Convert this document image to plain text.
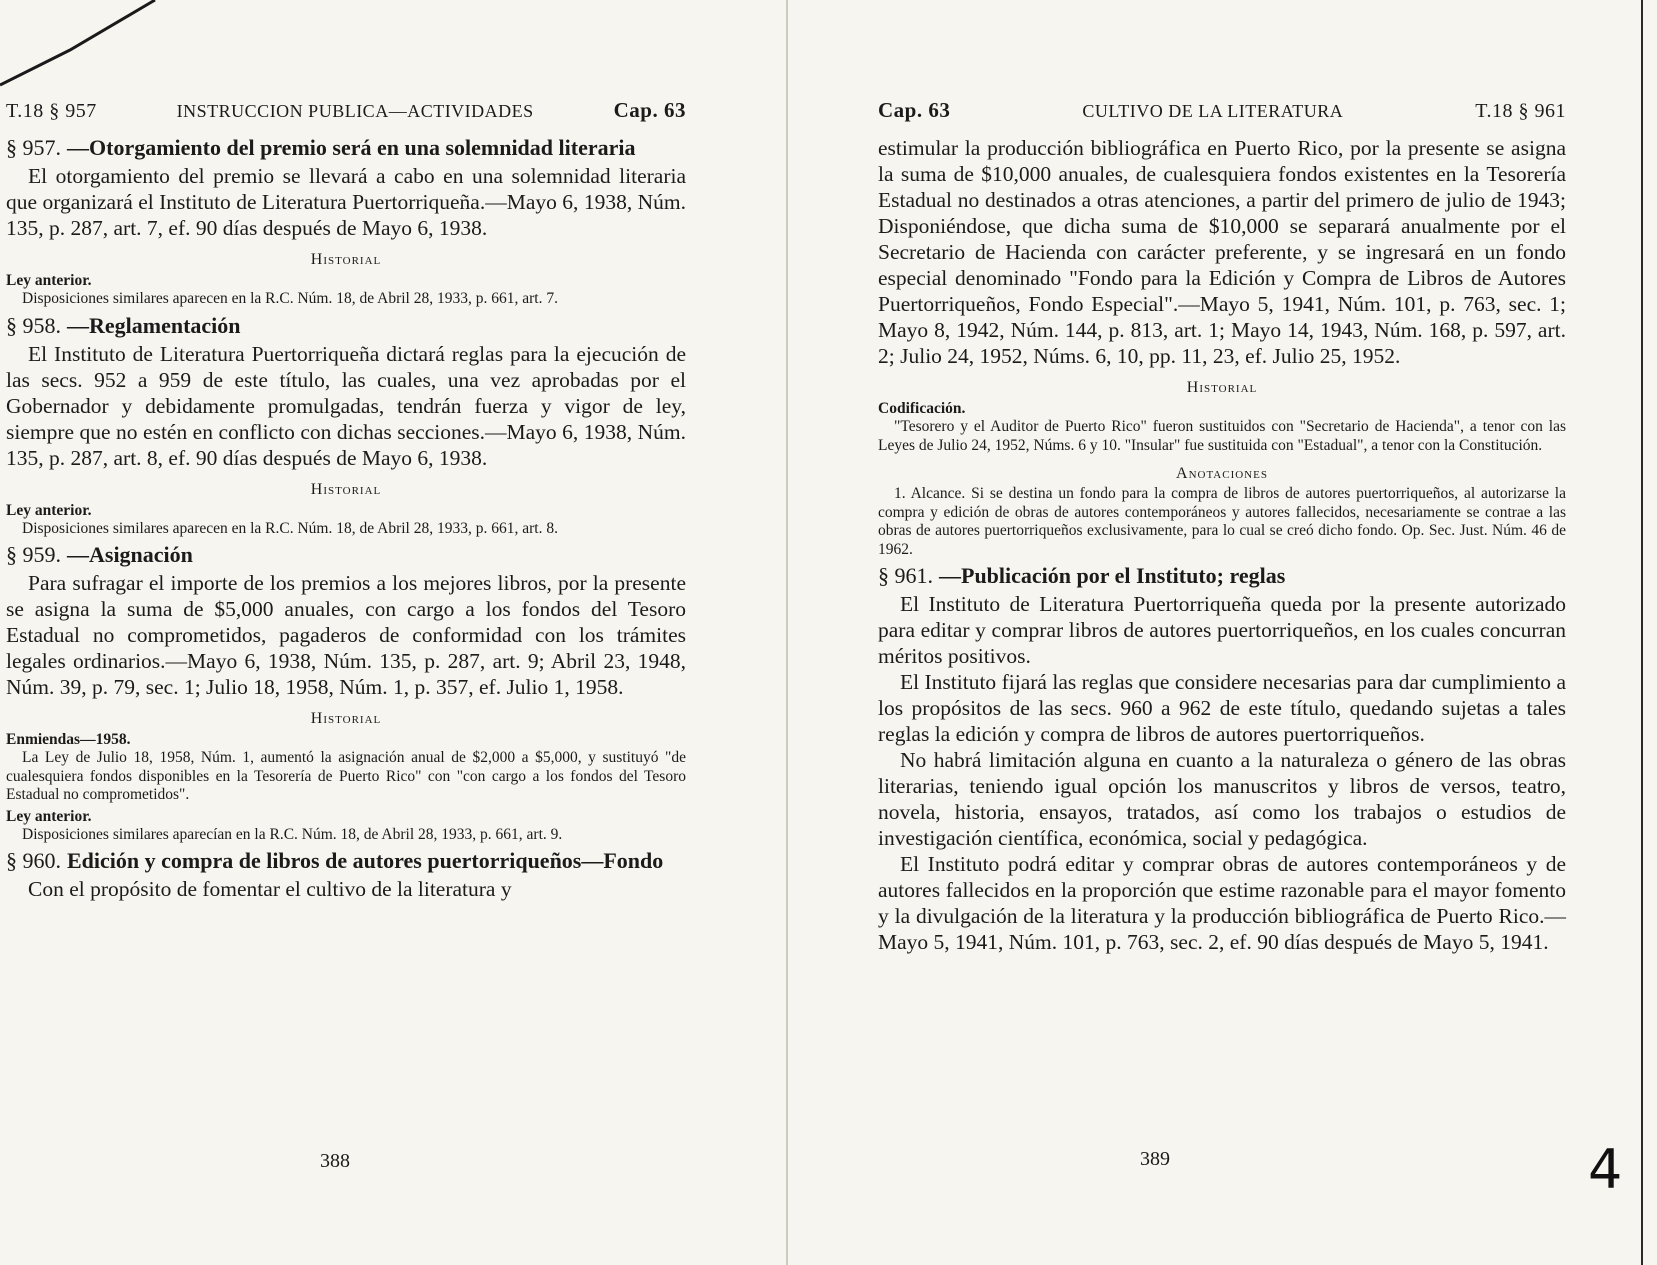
T.18 § 957	INSTRUCCION PUBLICA—ACTIVIDADES	Cap. 63
§ 957. —Otorgamiento del premio será en una solemnidad literaria

El otorgamiento del premio se llevará a cabo en una solemnidad literaria que organizará el Instituto de Literatura Puertorriqueña.—Mayo 6, 1938, Núm. 135, p. 287, art. 7, ef. 90 días después de Mayo 6, 1938.

Historial

Ley anterior.

Disposiciones similares aparecen en la R.C. Núm. 18, de Abril 28, 1933, p. 661, art. 7.

§ 958. —Reglamentación

El Instituto de Literatura Puertorriqueña dictará reglas para la ejecución de las secs. 952 a 959 de este título, las cuales, una vez aprobadas por el Gobernador y debidamente promulgadas, tendrán fuerza y vigor de ley, siempre que no estén en conflicto con dichas secciones.—Mayo 6, 1938, Núm. 135, p. 287, art. 8, ef. 90 días después de Mayo 6, 1938.

Historial

Ley anterior.

Disposiciones similares aparecen en la R.C. Núm. 18, de Abril 28, 1933, p. 661, art. 8.

§ 959. —Asignación

Para sufragar el importe de los premios a los mejores libros, por la presente se asigna la suma de $5,000 anuales, con cargo a los fondos del Tesoro Estadual no comprometidos, pagaderos de conformidad con los trámites legales ordinarios.—Mayo 6, 1938, Núm. 135, p. 287, art. 9; Abril 23, 1948, Núm. 39, p. 79, sec. 1; Julio 18, 1958, Núm. 1, p. 357, ef. Julio 1, 1958.

Historial

Enmiendas—1958.

La Ley de Julio 18, 1958, Núm. 1, aumentó la asignación anual de $2,000 a $5,000, y sustituyó "de cualesquiera fondos disponibles en la Tesorería de Puerto Rico" con "con cargo a los fondos del Tesoro Estadual no comprometidos".

Ley anterior.

Disposiciones similares aparecían en la R.C. Núm. 18, de Abril 28, 1933, p. 661, art. 9.

§ 960. Edición y compra de libros de autores puertorriqueños—Fondo

Con el propósito de fomentar el cultivo de la literatura y

388
Cap. 63	CULTIVO DE LA LITERATURA	T.18 § 961

estimular la producción bibliográfica en Puerto Rico, por la presente se asigna la suma de $10,000 anuales, de cualesquiera fondos existentes en la Tesorería Estadual no destinados a otras atenciones, a partir del primero de julio de 1943; Disponiéndose, que dicha suma de $10,000 se separará anualmente por el Secretario de Hacienda con carácter preferente, y se ingresará en un fondo especial denominado "Fondo para la Edición y Compra de Libros de Autores Puertorriqueños, Fondo Especial".—Mayo 5, 1941, Núm. 101, p. 763, sec. 1; Mayo 8, 1942, Núm. 144, p. 813, art. 1; Mayo 14, 1943, Núm. 168, p. 597, art. 2; Julio 24, 1952, Núms. 6, 10, pp. 11, 23, ef. Julio 25, 1952.

Historial

Codificación.

"Tesorero y el Auditor de Puerto Rico" fueron sustituidos con "Secretario de Hacienda", a tenor con las Leyes de Julio 24, 1952, Núms. 6 y 10. "Insular" fue sustituida con "Estadual", a tenor con la Constitución.

Anotaciones

1. Alcance. Si se destina un fondo para la compra de libros de autores puertorriqueños, al autorizarse la compra y edición de obras de autores contemporáneos y autores fallecidos, necesariamente se contrae a las obras de autores puertorriqueños exclusivamente, para lo cual se creó dicho fondo. Op. Sec. Just. Núm. 46 de 1962.

§ 961. —Publicación por el Instituto; reglas

El Instituto de Literatura Puertorriqueña queda por la presente autorizado para editar y comprar libros de autores puertorriqueños, en los cuales concurran méritos positivos.

El Instituto fijará las reglas que considere necesarias para dar cumplimiento a los propósitos de las secs. 960 a 962 de este título, quedando sujetas a tales reglas la edición y compra de libros de autores puertorriqueños.

No habrá limitación alguna en cuanto a la naturaleza o género de las obras literarias, teniendo igual opción los manuscritos y libros de versos, teatro, novela, historia, ensayos, tratados, así como los trabajos o estudios de investigación científica, económica, social y pedagógica.

El Instituto podrá editar y comprar obras de autores contemporáneos y de autores fallecidos en la proporción que estime razonable para el mayor fomento y la divulgación de la literatura y la producción bibliográfica de Puerto Rico.—Mayo 5, 1941, Núm. 101, p. 763, sec. 2, ef. 90 días después de Mayo 5, 1941.

389	4
